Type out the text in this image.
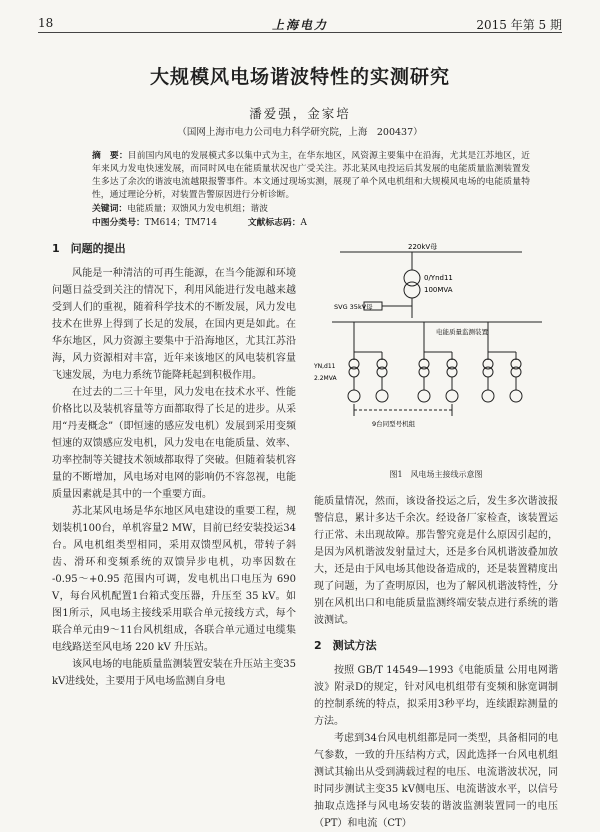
18	上海电力	2015 年第 5 期
大规模风电场谐波特性的实测研究
潘爱强，金家培
（国网上海市电力公司电力科学研究院，上海　200437）
摘　要：目前国内风电的发展模式多以集中式为主，在华东地区，风资源主要集中在沿海，尤其是江苏地区，近年来风力发电快速发展，而同时风电在能质量状况也广受关注。苏北某风电投运后其发展的电能质量监测装置发生多达了余次的谐波电流越限报警事件。本文通过现场实测，展现了单个风电机组和大规模风电场的电能质量特性，通过理论分析，对装置告警原因进行分析诊断。
关键词：电能质量；双馈风力发电机组；谐波
中图分类号：TM614；TM714	文献标志码：A
1　问题的提出

风能是一种清洁的可再生能源，在当今能源和环境问题日益受到关注的情况下，利用风能进行发电越来越受到人们的重视，随着科学技术的不断发展，风力发电技术在世界上得到了长足的发展，在国内更是如此。在华东地区，风力资源主要集中于沿海地区，尤其江苏沿海，风力资源相对丰富，近年来该地区的风电装机容量飞速发展，为电力系统节能降耗起到积极作用。

在过去的二三十年里，风力发电在技术水平、性能价格比以及装机容量等方面都取得了长足的进步。从采用“丹麦概念”（即恒速的感应发电机）发展到采用变频恒速的双馈感应发电机，风力发电在电能质量、效率、功率控制等关键技术领域都取得了突破。但随着装机容量的不断增加，风电场对电网的影响仍不容忽视，电能质量因素就是其中的一个重要方面。

苏北某风电场是华东地区风电建设的重要工程，规划装机100台，单机容量2 MW，目前已经安装投运34台。风电机组类型相同，采用双馈型风机，带转子斜齿、滑环和变频系统的双馈异步电机，功率因数在 -0.95～+0.95 范围内可调，发电机出口电压为 690 V，每台风机配置1台箱式变压器，升压至 35 kV。如图1所示，风电场主接线采用联合单元接线方式，每个联合单元由9～11台风机组成，各联合单元通过电缆集电线路送至风电场 220 kV 升压站。

该风电场的电能质量监测装置安装在升压站主变35 kV进线处，主要用于风电场监测自身电

220kV母
0/Ynd11
100MVA
SVG 35kV母
电能质量监测装置
YN,d11
2.2MVA
9台同型号机组
图1　风电场主接线示意图

能质量情况，然而，该设备投运之后，发生多次谐波报警信息，累计多达千余次。经设备厂家检查，该装置运行正常、未出现故障。那告警究竟是什么原因引起的，是因为风机谐波发射量过大，还是多台风机谐波叠加放大，还是由于风电场其他设备造成的，还是装置精度出现了问题，为了查明原因，也为了解风机谐波特性，分别在风机出口和电能质量监测终端安装点进行系统的谐波测试。

2　测试方法

按照 GB/T 14549—1993《电能质量 公用电网谐波》附录D的规定，针对风电机组带有变频和脉宽调制的控制系统的特点，拟采用3秒平均，连续跟踪测量的方法。

考虑到34台风电机组都是同一类型，具备相同的电气参数，一致的升压结构方式，因此选择一台风电机组测试其输出从受到满载过程的电压、电流谐波状况，同时同步测试主变35 kV侧电压、电流谐波水平，以信号抽取点选择与风电场安装的谐波监测装置同一的电压（PT）和电流（CT）
